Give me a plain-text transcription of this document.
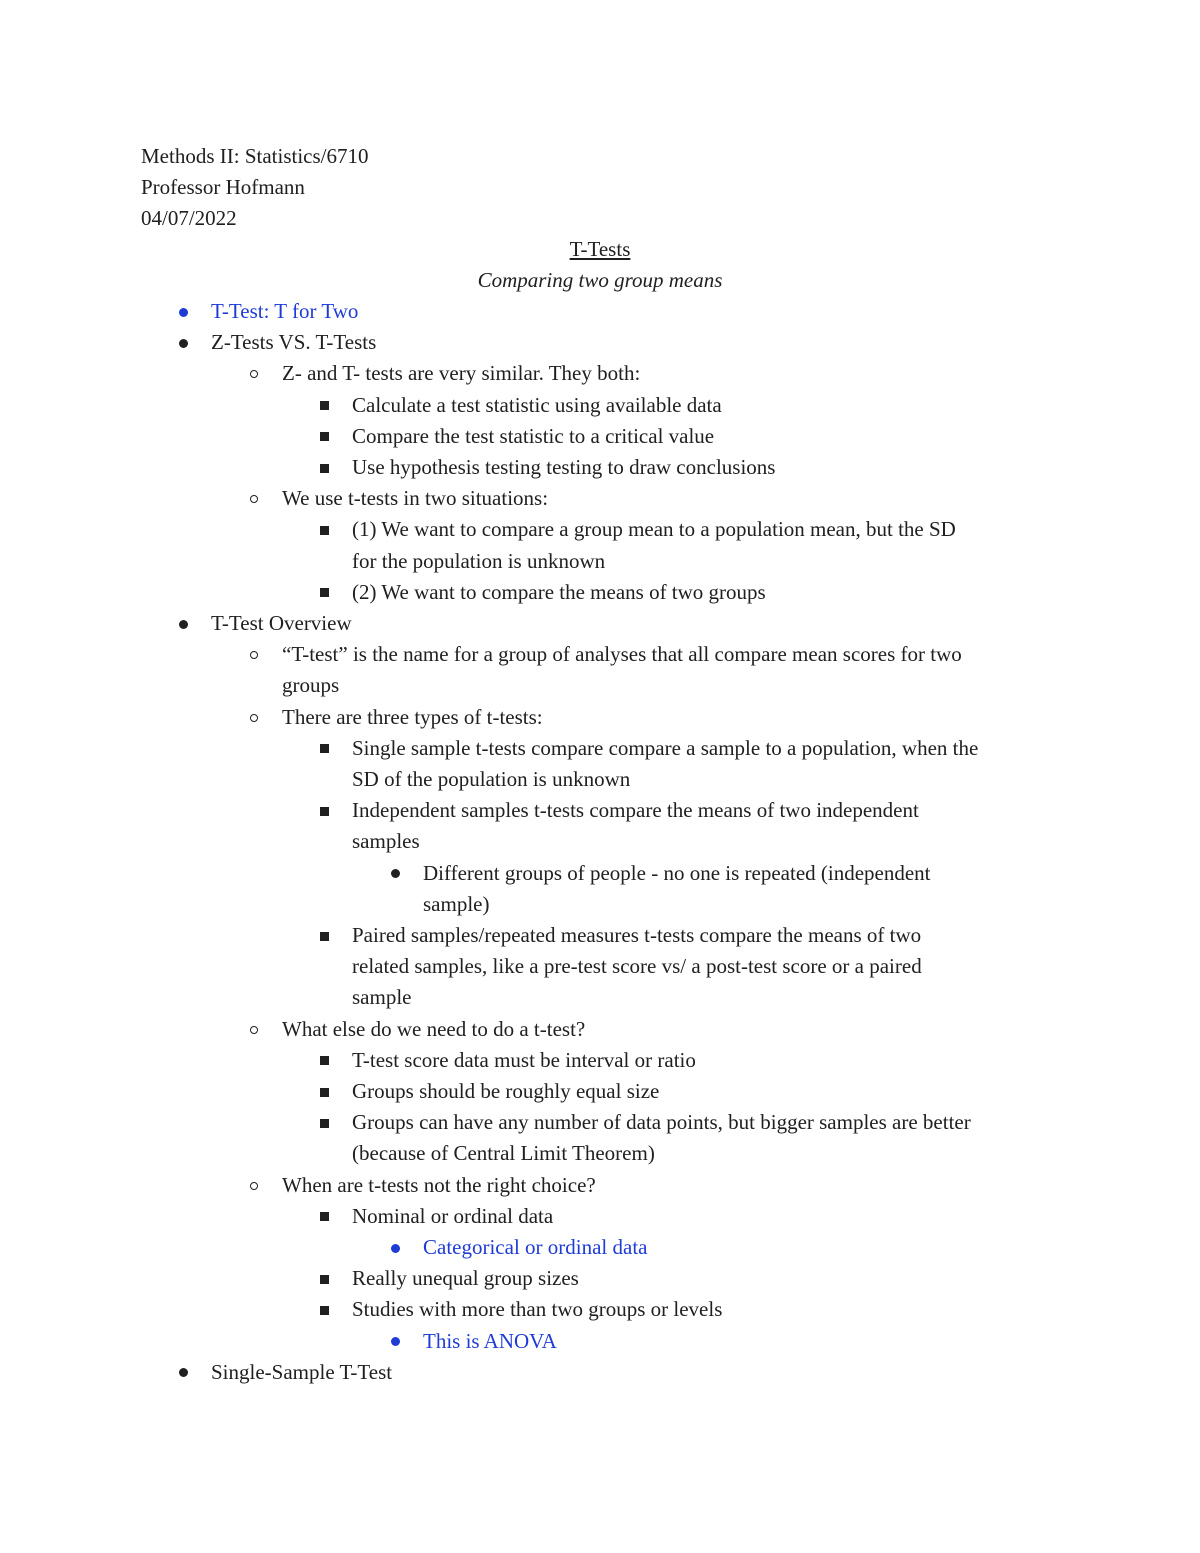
Methods II: Statistics/6710
Professor Hofmann
04/07/2022
T-Tests
Comparing two group means
T-Test: T for Two
Z-Tests VS. T-Tests
Z- and T- tests are very similar. They both:
Calculate a test statistic using available data
Compare the test statistic to a critical value
Use hypothesis testing testing to draw conclusions
We use t-tests in two situations:
(1) We want to compare a group mean to a population mean, but the SD
for the population is unknown
(2) We want to compare the means of two groups
T-Test Overview
“T-test” is the name for a group of analyses that all compare mean scores for two
groups
There are three types of t-tests:
Single sample t-tests compare compare a sample to a population, when the
SD of the population is unknown
Independent samples t-tests compare the means of two independent
samples
Different groups of people - no one is repeated (independent
sample)
Paired samples/repeated measures t-tests compare the means of two
related samples, like a pre-test score vs/ a post-test score or a paired
sample
What else do we need to do a t-test?
T-test score data must be interval or ratio
Groups should be roughly equal size
Groups can have any number of data points, but bigger samples are better
(because of Central Limit Theorem)
When are t-tests not the right choice?
Nominal or ordinal data
Categorical or ordinal data
Really unequal group sizes
Studies with more than two groups or levels
This is ANOVA
Single-Sample T-Test
